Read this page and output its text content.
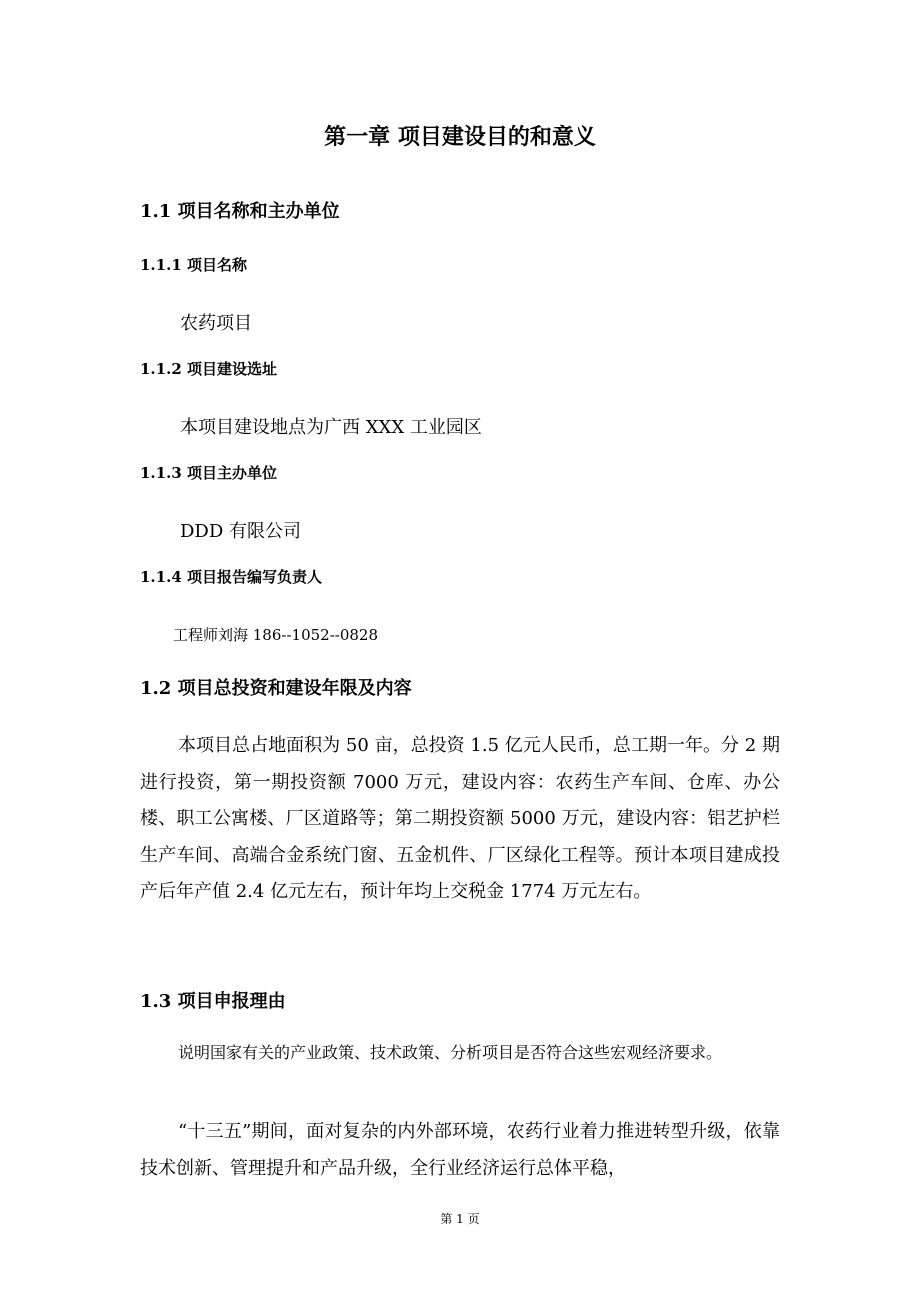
第一章 项目建设目的和意义
1.1 项目名称和主办单位
1.1.1 项目名称
农药项目
1.1.2 项目建设选址
本项目建设地点为广西 XXX 工业园区
1.1.3 项目主办单位
DDD 有限公司
1.1.4 项目报告编写负责人
工程师刘海 186--1052--0828
1.2 项目总投资和建设年限及内容
本项目总占地面积为 50 亩，总投资 1.5 亿元人民币，总工期一年。分 2 期进行投资，第一期投资额 7000 万元，建设内容：农药生产车间、仓库、办公楼、职工公寓楼、厂区道路等；第二期投资额 5000 万元，建设内容：铝艺护栏生产车间、高端合金系统门窗、五金机件、厂区绿化工程等。预计本项目建成投产后年产值 2.4 亿元左右，预计年均上交税金 1774 万元左右。
1.3 项目申报理由
说明国家有关的产业政策、技术政策、分析项目是否符合这些宏观经济要求。
“十三五”期间，面对复杂的内外部环境，农药行业着力推进转型升级，依靠技术创新、管理提升和产品升级，全行业经济运行总体平稳，
第 1 页
